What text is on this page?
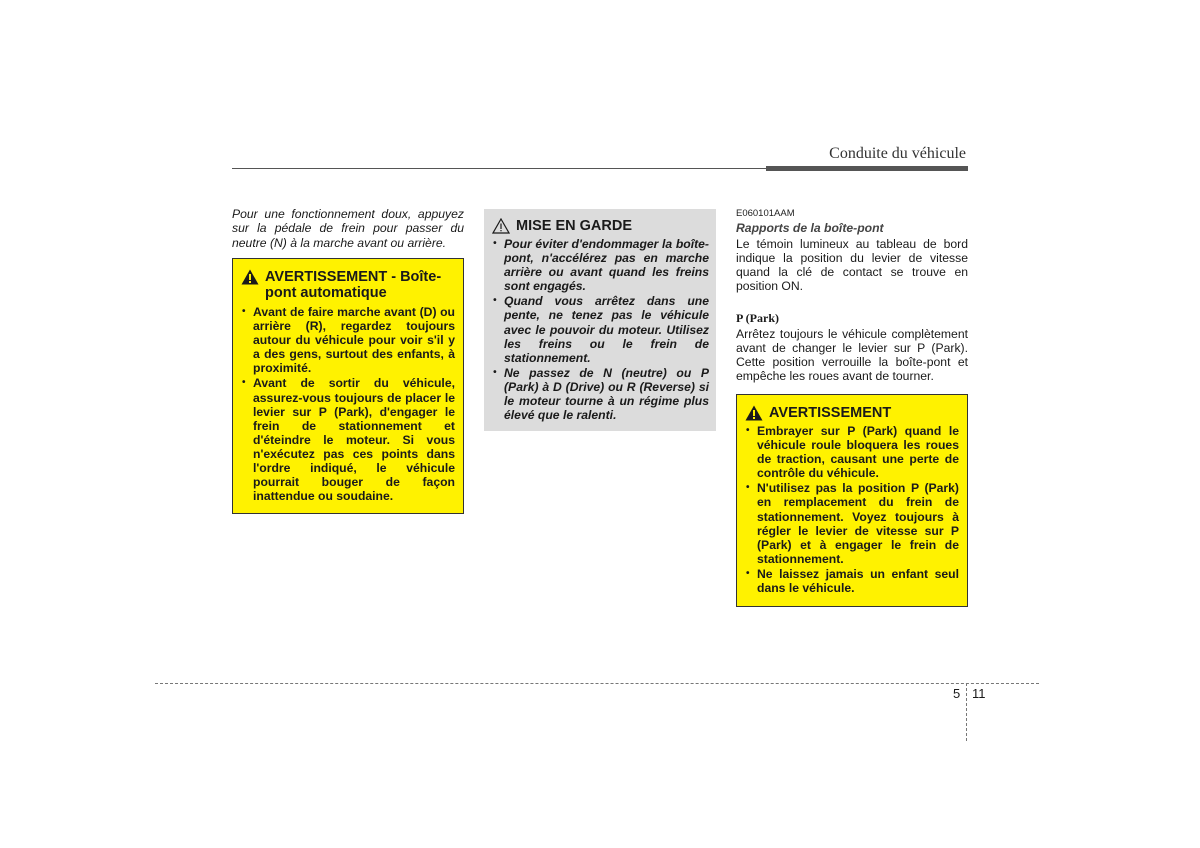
Conduite du véhicule

Pour une fonctionnement doux, appuyez sur la pédale de frein pour passer du neutre (N) à la marche avant ou arrière.

AVERTISSEMENT - Boîte-
pont automatique
• Avant de faire marche avant (D) ou arrière (R), regardez toujours autour du véhicule pour voir s'il y a des gens, surtout des enfants, à proximité.
• Avant de sortir du véhicule, assurez-vous toujours de placer le levier sur P (Park), d'engager le frein de stationnement et d'éteindre le moteur. Si vous n'exécutez pas ces points dans l'ordre indiqué, le véhicule pourrait bouger de façon inattendue ou soudaine.
MISE EN GARDE
• Pour éviter d'endommager la boîte-pont, n'accélérez pas en marche arrière ou avant quand les freins sont engagés.
• Quand vous arrêtez dans une pente, ne tenez pas le véhicule avec le pouvoir du moteur. Utilisez les freins ou le frein de stationnement.
• Ne passez de N (neutre) ou P (Park) à D (Drive) ou R (Reverse) si le moteur tourne à un régime plus élevé que le ralenti.
E060101AAM
Rapports de la boîte-pont

Le témoin lumineux au tableau de bord indique la position du levier de vitesse quand la clé de contact se trouve en position ON.

P (Park)

Arrêtez toujours le véhicule complètement avant de changer le levier sur P (Park). Cette position verrouille la boîte-pont et empêche les roues avant de tourner.

AVERTISSEMENT
• Embrayer sur P (Park) quand le véhicule roule bloquera les roues de traction, causant une perte de contrôle du véhicule.
• N'utilisez pas la position P (Park) en remplacement du frein de stationnement. Voyez toujours à régler le levier de vitesse sur P (Park) et à engager le frein de stationnement.
• Ne laissez jamais un enfant seul dans le véhicule.
5 11
